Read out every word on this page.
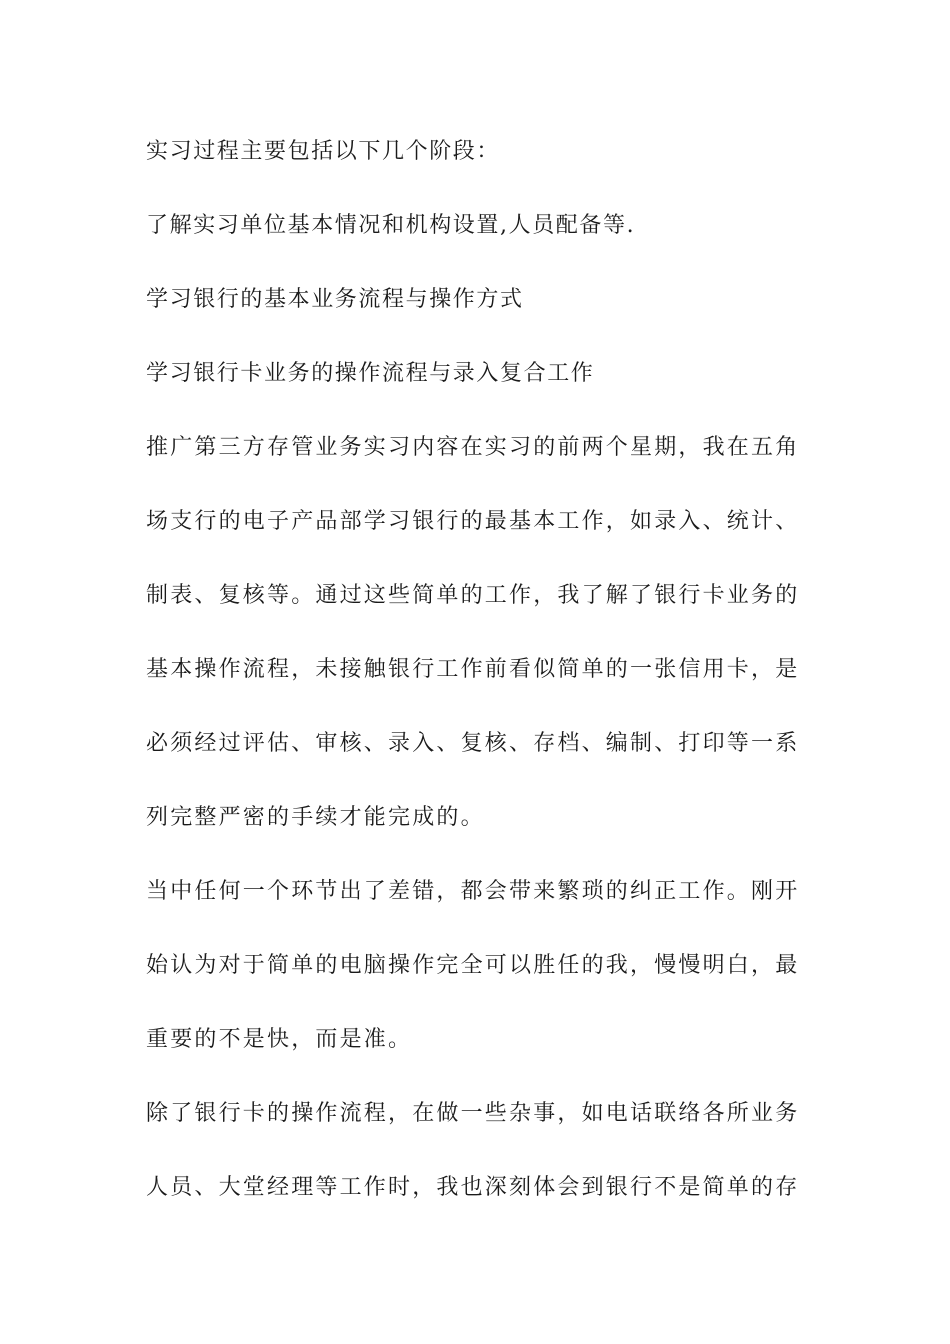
实习过程主要包括以下几个阶段：
了解实习单位基本情况和机构设置,人员配备等.
学习银行的基本业务流程与操作方式
学习银行卡业务的操作流程与录入复合工作
推广第三方存管业务实习内容在实习的前两个星期，我在五角
场支行的电子产品部学习银行的最基本工作，如录入、统计、
制表、复核等。通过这些简单的工作，我了解了银行卡业务的
基本操作流程，未接触银行工作前看似简单的一张信用卡，是
必须经过评估、审核、录入、复核、存档、编制、打印等一系
列完整严密的手续才能完成的。
当中任何一个环节出了差错，都会带来繁琐的纠正工作。刚开
始认为对于简单的电脑操作完全可以胜任的我，慢慢明白，最
重要的不是快，而是准。
除了银行卡的操作流程，在做一些杂事，如电话联络各所业务
人员、大堂经理等工作时，我也深刻体会到银行不是简单的存
